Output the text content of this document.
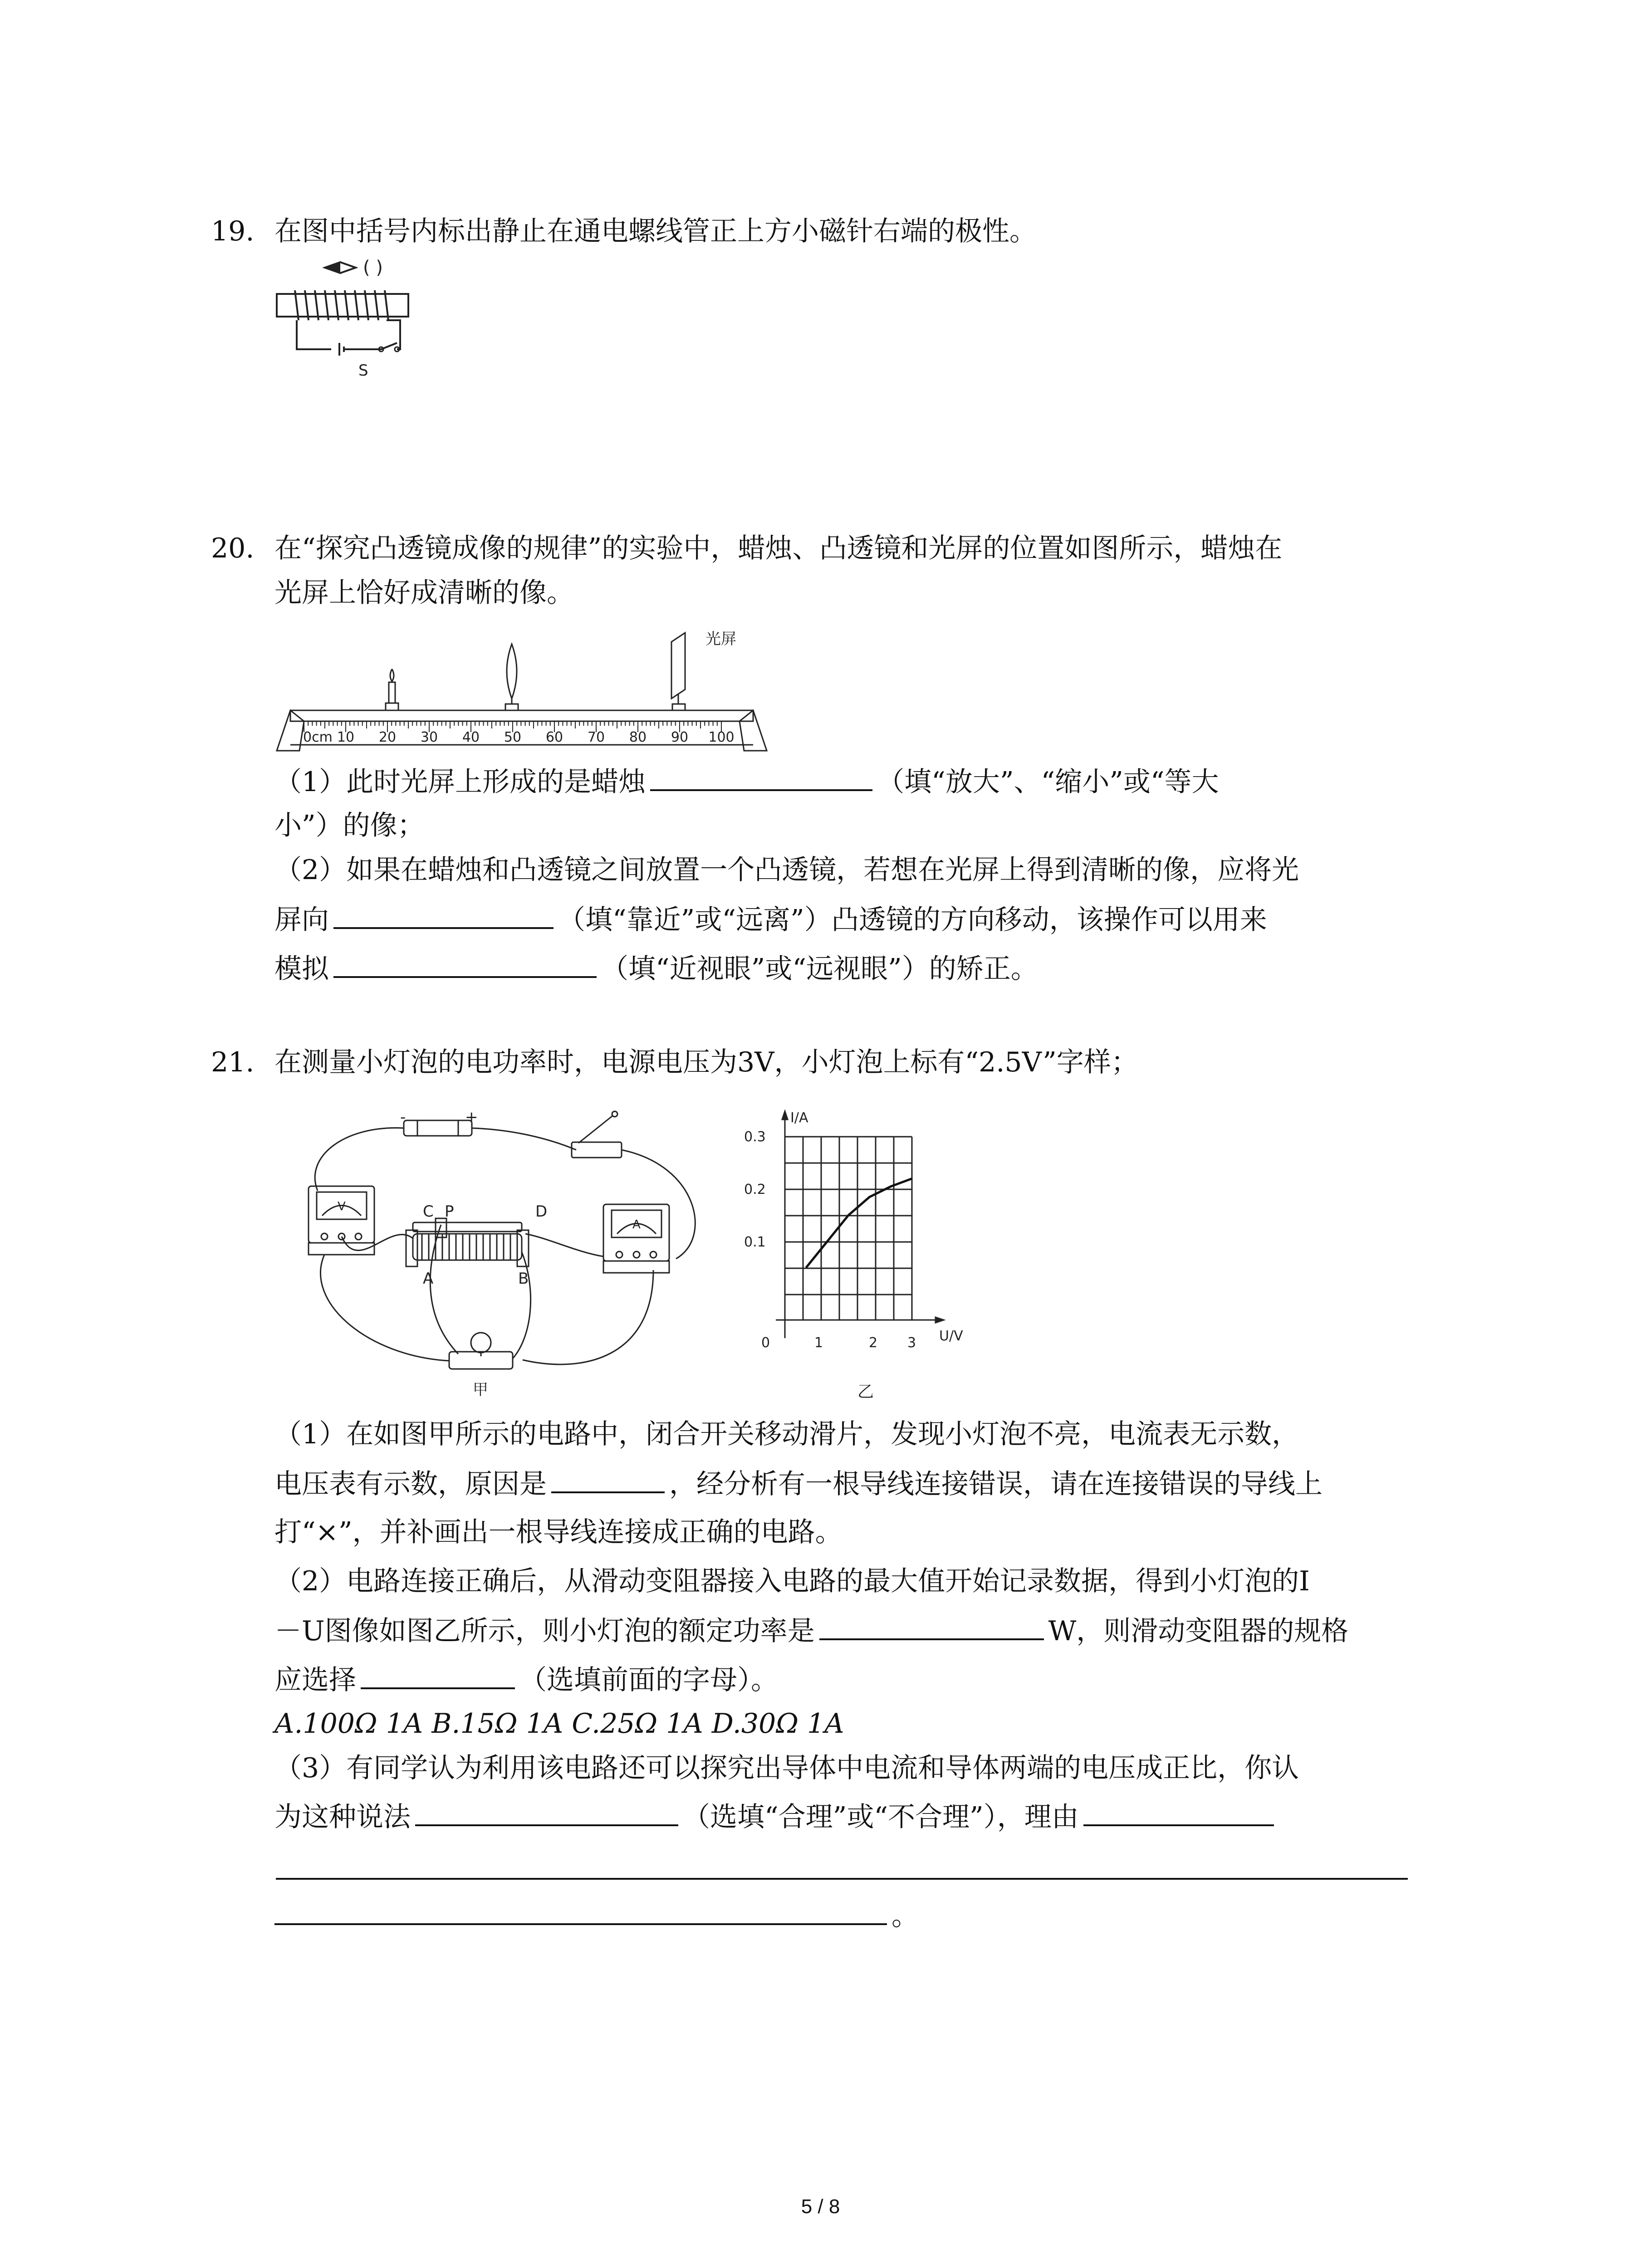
19. 在图中括号内标出静止在通电螺线管正上方小磁针右端的极性。
( )
S
20. 在“探究凸透镜成像的规律”的实验中，蜡烛、凸透镜和光屏的位置如图所示，蜡烛在
光屏上恰好成清晰的像。
光屏
0cm 10 20 30 40 50 60 70 80 90 100
（1）此时光屏上形成的是蜡烛	（填“放大”、“缩小”或“等大
小”）的像；
（2）如果在蜡烛和凸透镜之间放置一个凸透镜，若想在光屏上得到清晰的像，应将光
屏向	（填“靠近”或“远离”）凸透镜的方向移动，该操作可以用来
模拟	（填“近视眼”或“远视眼”）的矫正。
21. 在测量小灯泡的电功率时，电源电压为3V，小灯泡上标有“2.5V”字样；
-	+
V
A
C P	D
A	B
甲
I/A
U/V
0.3
0.2
0.1
0	1	2 3
乙
（1）在如图甲所示的电路中，闭合开关移动滑片，发现小灯泡不亮，电流表无示数，
电压表有示数，原因是	，经分析有一根导线连接错误，请在连接错误的导线上
打“×”，并补画出一根导线连接成正确的电路。
（2）电路连接正确后，从滑动变阻器接入电路的最大值开始记录数据，得到小灯泡的I
－U图像如图乙所示，则小灯泡的额定功率是	W，则滑动变阻器的规格
应选择	（选填前面的字母）。
A.100Ω 1A B.15Ω 1A C.25Ω 1A D.30Ω 1A
（3）有同学认为利用该电路还可以探究出导体中电流和导体两端的电压成正比，你认
为这种说法	（选填“合理”或“不合理”），理由
。
5 / 8
